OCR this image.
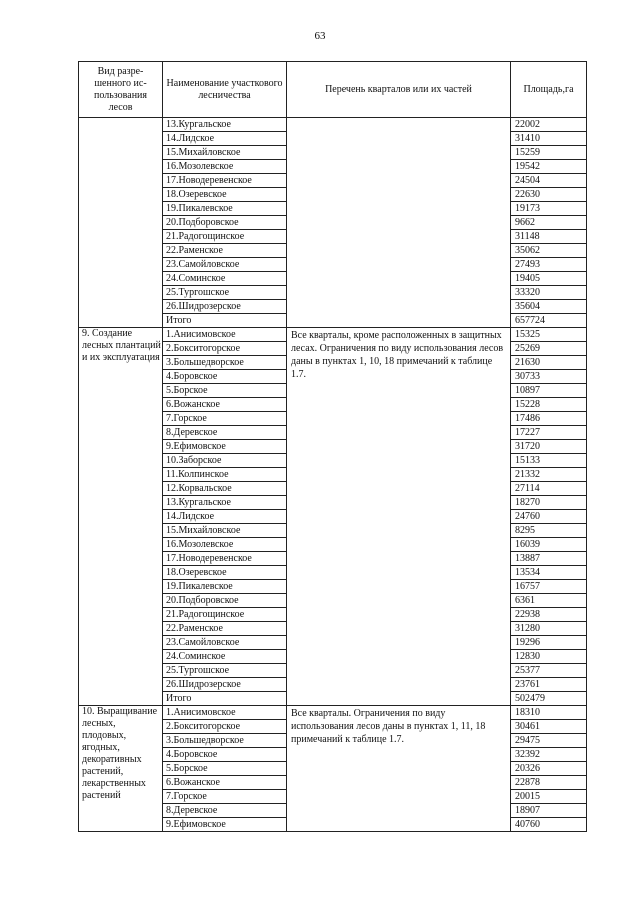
63
Вид разре-шенного ис-пользования лесов	Наименование участкового лесничества	Перечень кварталов или их частей	Площадь,га
	13.Кургальское		22002
	14.Лидское		31410
	15.Михайловское		15259
	16.Мозолевское		19542
	17.Новодеревенское		24504
	18.Озеревское		22630
	19.Пикалевское		19173
	20.Подборовское		9662
	21.Радогощинское		31148
	22.Раменское		35062
	23.Самойловское		27493
	24.Соминское		19405
	25.Тургошское		33320
	26.Шидрозерское		35604
	Итого		657724
9. Создание лесных плантаций и их эксплуатация	1.Анисимовское	Все кварталы, кроме расположенных в защитных лесах. Ограничения по виду использования лесов даны в пунктах 1, 10, 18 примечаний к таблице 1.7.	15325
	2.Бокситогорское		25269
	3.Большедворское		21630
	4.Боровское		30733
	5.Борское		10897
	6.Вожанское		15228
	7.Горское		17486
	8.Деревское		17227
	9.Ефимовское		31720
	10.Заборское		15133
	11.Колпинское		21332
	12.Корвальское		27114
	13.Кургальское		18270
	14.Лидское		24760
	15.Михайловское		8295
	16.Мозолевское		16039
	17.Новодеревенское		13887
	18.Озеревское		13534
	19.Пикалевское		16757
	20.Подборовское		6361
	21.Радогощинское		22938
	22.Раменское		31280
	23.Самойловское		19296
	24.Соминское		12830
	25.Тургошское		25377
	26.Шидрозерское		23761
	Итого		502479
10. Выращивание лесных, плодовых, ягодных, декоративных растений, лекарственных растений	1.Анисимовское	Все кварталы. Ограничения по виду использования лесов даны в пунктах 1, 11, 18 примечаний к таблице 1.7.	18310
	2.Бокситогорское		30461
	3.Большедворское		29475
	4.Боровское		32392
	5.Борское		20326
	6.Вожанское		22878
	7.Горское		20015
	8.Деревское		18907
	9.Ефимовское		40760
